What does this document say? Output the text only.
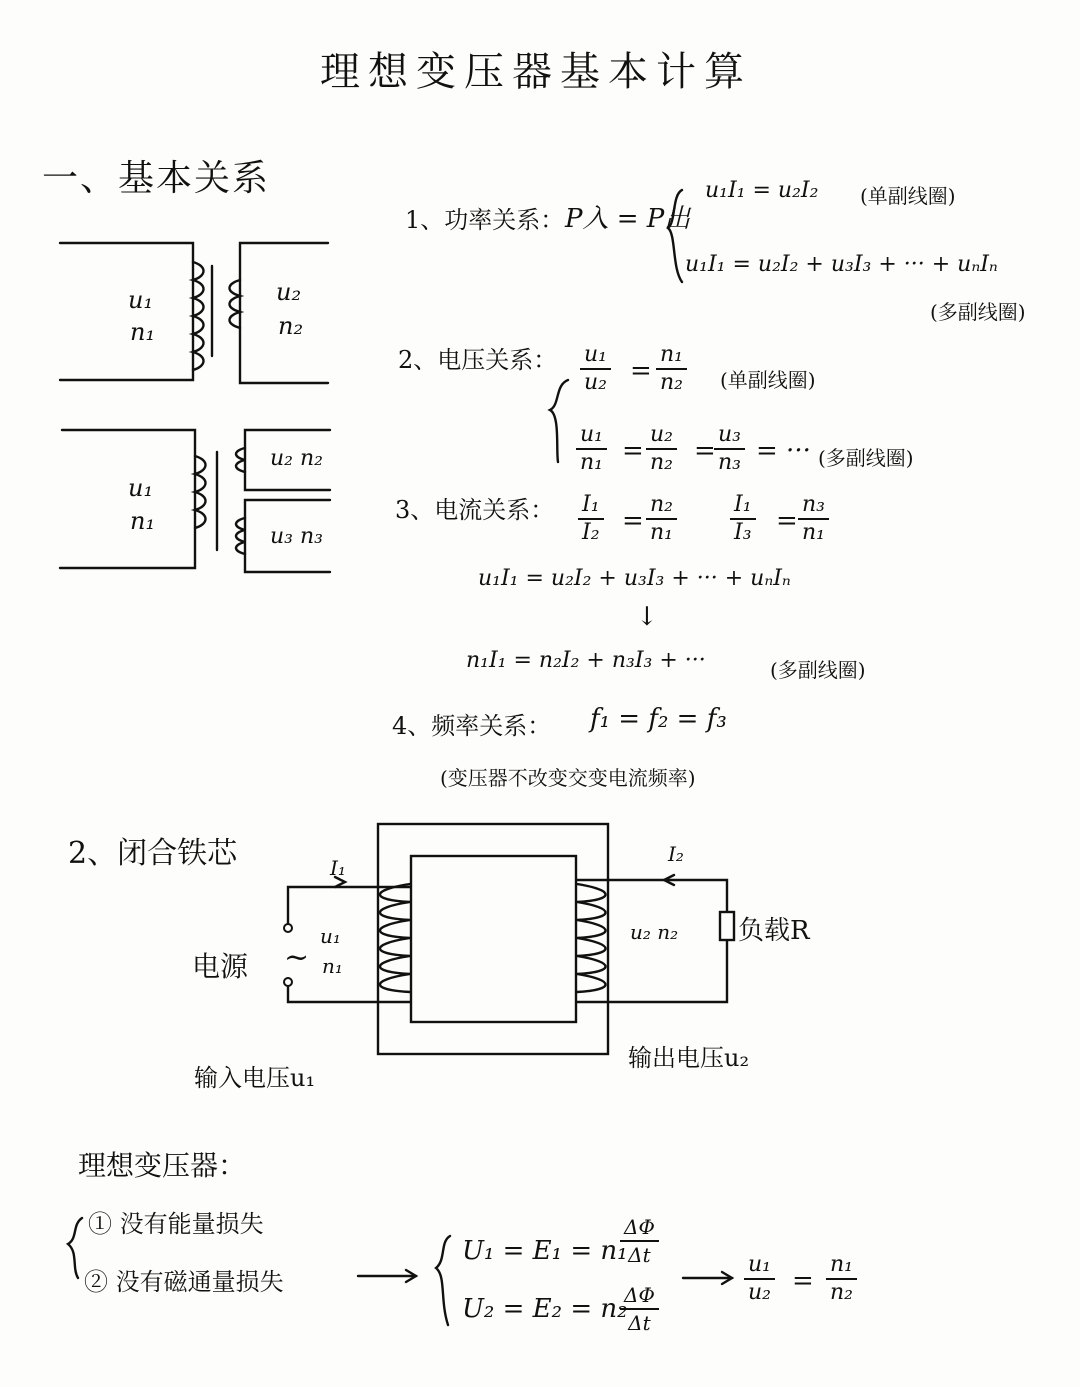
理想变压器基本计算
一、基本关系
u₁
n₁
u₂
n₂
u₁
n₁
u₂ n₂
u₃ n₃
1、功率关系： P入 = P出
u₁I₁ = u₂I₂ (单副线圈)
u₁I₁ = u₂I₂ + u₃I₃ + ··· + uₙIₙ
(多副线圈)
2、电压关系： $\frac{\text{u₁}}{\text{u₂}} = \frac{\text{n₁}}{\text{n₂}}$ (单副线圈)
$\frac{\text{u₁}}{\text{n₁}} = \frac{\text{u₂}}{\text{n₂}}$ =
$\frac{\text{u₃}}{\text{n₃}}$ = ··· (多副线圈)
3、电流关系： $\frac{\text{I₁}}{\text{I₂}} = \frac{\text{n₂}}{\text{n₁}} \frac{\text{I₁}}{\text{I₃}} = \frac{\text{n₃}}{\text{n₁}}$
u₁I₁ = u₂I₂ + u₃I₃ + ··· + uₙIₙ
↓
n₁I₁ = n₂I₂ + n₃I₃ + ···	(多副线圈)
4、频率关系： f₁ = f₂ = f₃
(变压器不改变交变电流频率)
2、闭合铁芯	I₁
I₂
电源 ~
u₁
n₁
u₂ n₂ 负载R
输入电压u₁
输出电压u₂
理想变压器：
① 没有能量损失
② 没有磁通量损失
U₁ = E₁ = n₁
$\frac{\Delta\Phi}{\Delta t}$
U₂ = E₂ = n₂
$\frac{\Delta\Phi}{\Delta t}$
$\frac{\text{u₁}}{\text{u₂}} = \frac{\text{n₁}}{\text{n₂}}$
